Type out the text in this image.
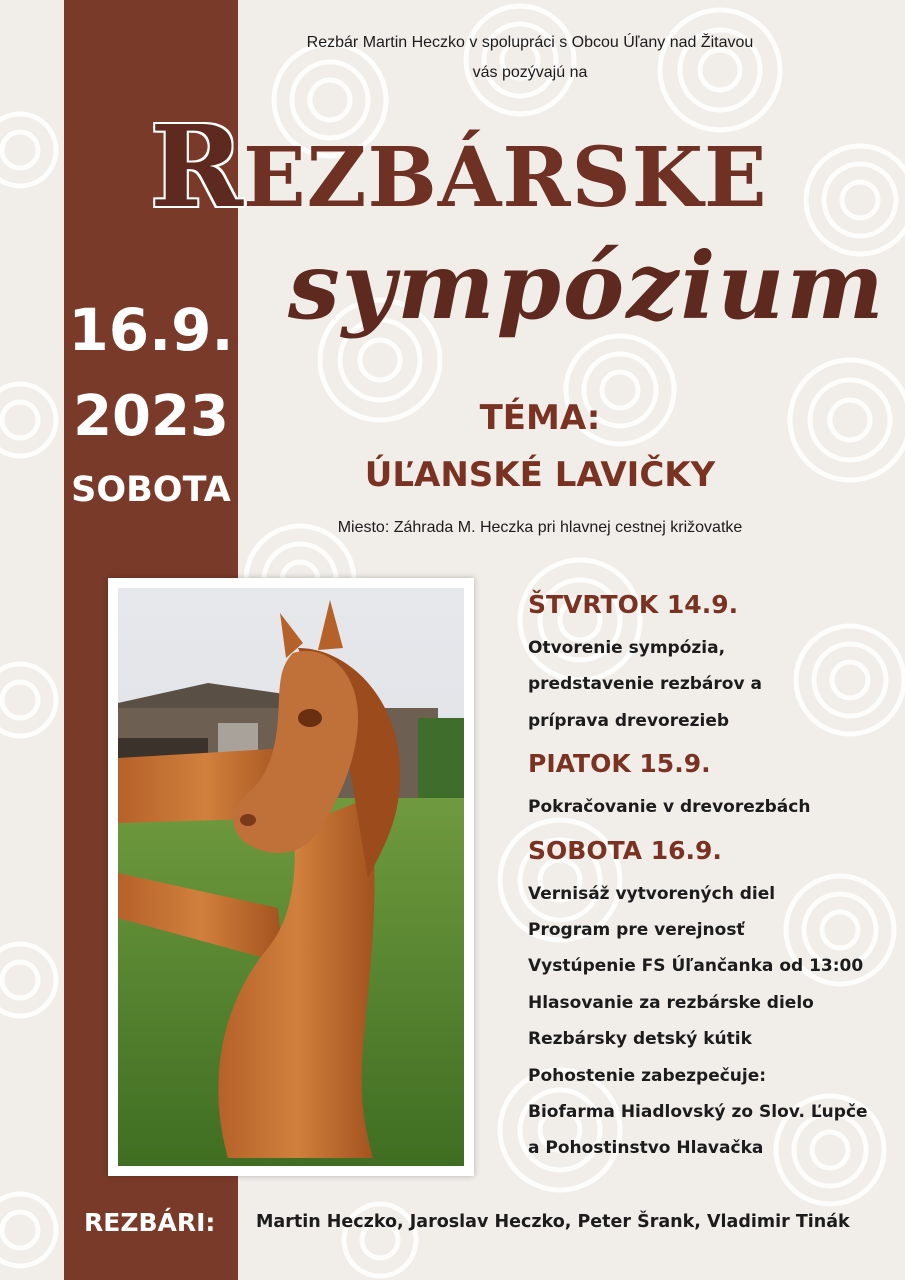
Rezbár Martin Heczko v spolupráci s Obcou Úľany nad Žitavou
vás pozývajú na
REZBÁRSKE
sympózium
16.9.
2023
SOBOTA
TÉMA:
ÚĽANSKÉ LAVIČKY
Miesto: Záhrada M. Heczka pri hlavnej cestnej križovatke
ŠTVRTOK 14.9.
Otvorenie sympózia,
predstavenie rezbárov a
príprava drevorezieb
PIATOK 15.9.
Pokračovanie v drevorezbách
SOBOTA 16.9.
Vernisáž vytvorených diel
Program pre verejnosť
Vystúpenie FS Úľančanka od 13:00
Hlasovanie za rezbárske dielo
Rezbársky detský kútik
Pohostenie zabezpečuje:
Biofarma Hiadlovský zo Slov. Ľupče
a Pohostinstvo Hlavačka
REZBÁRI:	Martin Heczko, Jaroslav Heczko, Peter Šrank, Vladimir Tinák
